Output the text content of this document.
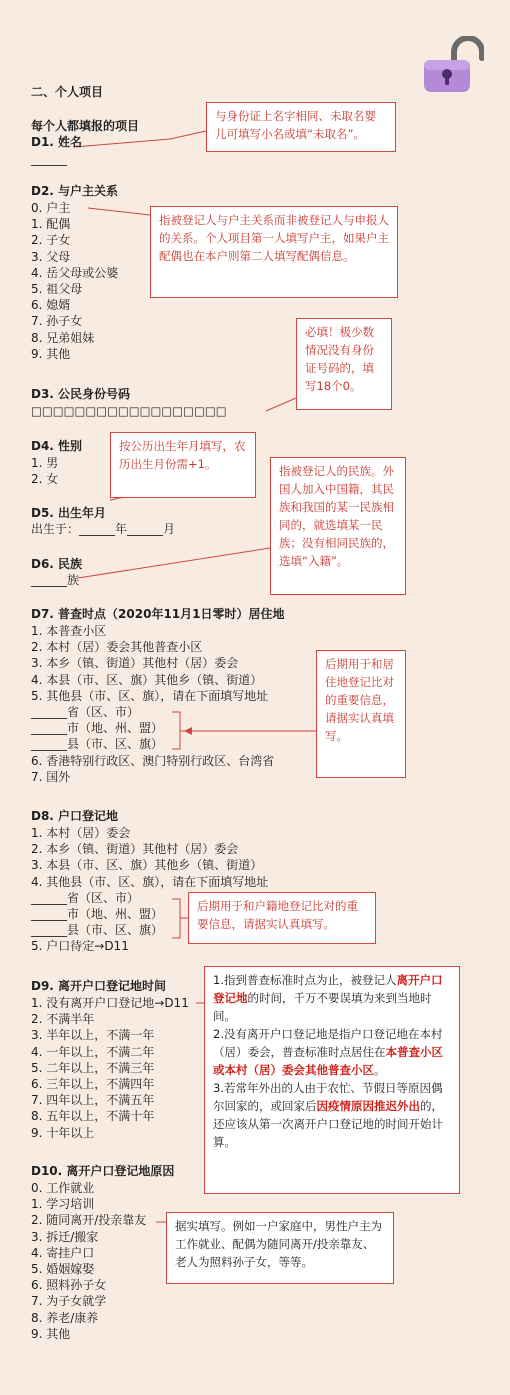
二、个人项目
每个人都填报的项目
D1. 姓名
______
D2. 与户主关系
0. 户主
1. 配偶
2. 子女
3. 父母
4. 岳父母或公婆
5. 祖父母
6. 媳婿
7. 孙子女
8. 兄弟姐妹
9. 其他
D3. 公民身份号码
□□□□□□□□□□□□□□□□□□
D4. 性别
1. 男
2. 女
D5. 出生年月
出生于：______年______月
D6. 民族
______族
D7. 普查时点（2020年11月1日零时）居住地
1. 本普查小区
2. 本村（居）委会其他普查小区
3. 本乡（镇、街道）其他村（居）委会
4. 本县（市、区、旗）其他乡（镇、街道）
5. 其他县（市、区、旗），请在下面填写地址
______省（区、市）
______市（地、州、盟）
______县（市、区、旗）
6. 香港特别行政区、澳门特别行政区、台湾省
7. 国外
D8. 户口登记地
1. 本村（居）委会
2. 本乡（镇、街道）其他村（居）委会
3. 本县（市、区、旗）其他乡（镇、街道）
4. 其他县（市、区、旗），请在下面填写地址
______省（区、市）
______市（地、州、盟）
______县（市、区、旗）
5. 户口待定→D11
D9. 离开户口登记地时间
1. 没有离开户口登记地→D11
2. 不满半年
3. 半年以上，不满一年
4. 一年以上，不满二年
5. 二年以上，不满三年
6. 三年以上，不满四年
7. 四年以上，不满五年
8. 五年以上，不满十年
9. 十年以上
D10. 离开户口登记地原因
0. 工作就业
1. 学习培训
2. 随同离开/投亲靠友
3. 拆迁/搬家
4. 寄挂户口
5. 婚姻嫁娶
6. 照料孙子女
7. 为子女就学
8. 养老/康养
9. 其他
与身份证上名字相同、未取名婴儿可填写小名或填“未取名”。
指被登记人与户主关系而非被登记人与申报人的关系。个人项目第一人填写户主，如果户主配偶也在本户则第二人填写配偶信息。
必填！极少数情况没有身份证号码的，填写18个0。
按公历出生年月填写，农历出生月份需+1。	指被登记人的民族。外国人加入中国籍，其民族和我国的某一民族相同的，就选填某一民族；没有相同民族的，选填“入籍”。
后期用于和居住地登记比对的重要信息，请据实认真填写。
后期用于和户籍地登记比对的重要信息，请据实认真填写。
1.指到普查标准时点为止，被登记人离开户口登记地的时间，千万不要误填为来到当地时间。
2.没有离开户口登记地是指户口登记地在本村（居）委会，普查标准时点居住在本普查小区或本村（居）委会其他普查小区。
3.若常年外出的人由于农忙、节假日等原因偶尔回家的，或回家后因疫情原因推迟外出的，还应该从第一次离开户口登记地的时间开始计算。
据实填写。例如一户家庭中，男性户主为工作就业、配偶为随同离开/投亲靠友、老人为照料孙子女，等等。
